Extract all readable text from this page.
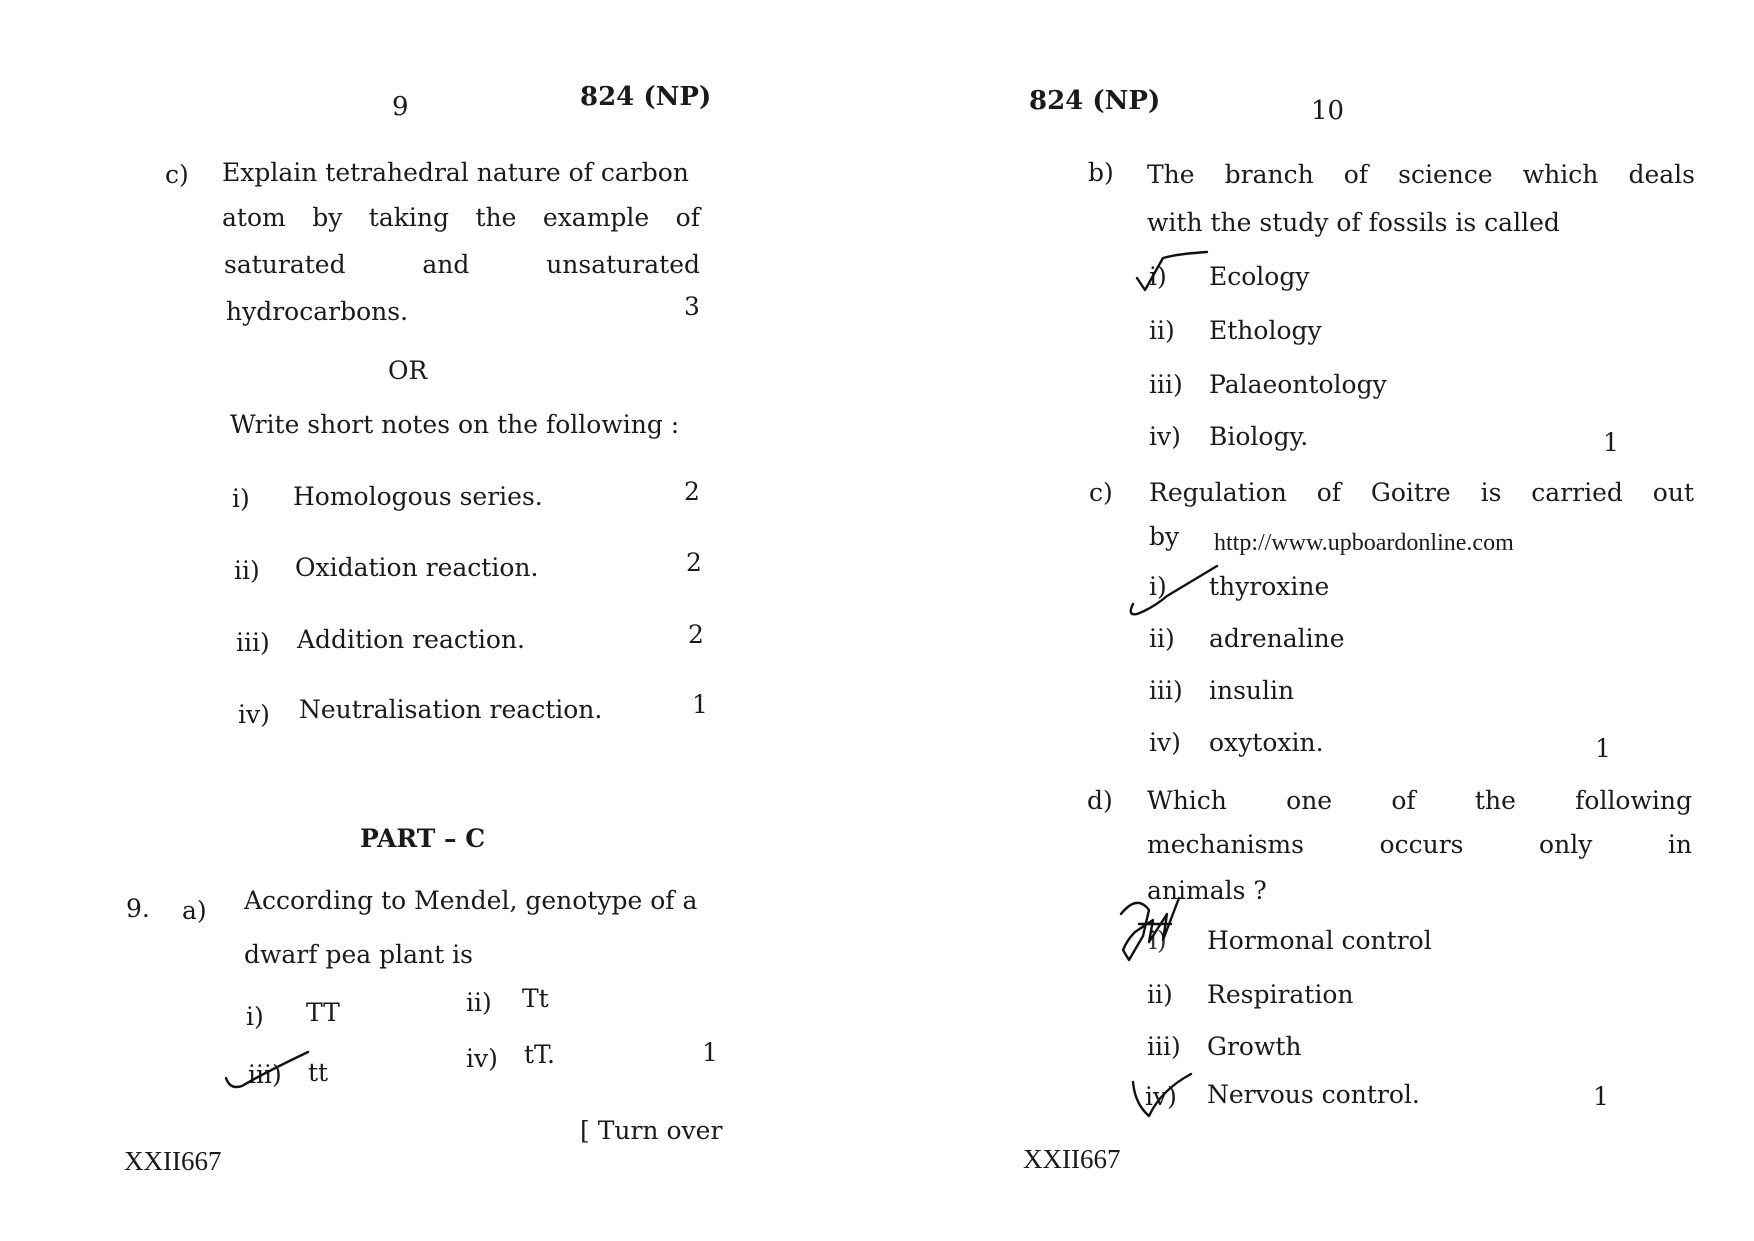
9	824 (NP)
c) Explain tetrahedral nature of carbon
atom by taking the example of
saturated and unsaturated
hydrocarbons.	3
OR
Write short notes on the following :
i) Homologous series.	2
ii) Oxidation reaction.	2
iii) Addition reaction.	2
iv) Neutralisation reaction.	1
PART – C
9. a) According to Mendel, genotype of a
dwarf pea plant is
i) TT	ii) Tt
iii) tt	iv) tT.	1
[ Turn over
XXII667
824 (NP)	10
b) The branch of science which deals
with the study of fossils is called
i) Ecology
ii) Ethology
iii) Palaeontology
iv) Biology.	1
c) Regulation of Goitre is carried out
by http://www.upboardonline.com
i) thyroxine
ii) adrenaline
iii) insulin
iv) oxytoxin.	1
d) Which one of the following
mechanisms occurs only in
animals ?
i) Hormonal control
ii) Respiration
iii) Growth
iv) Nervous control.	1
XXII667
